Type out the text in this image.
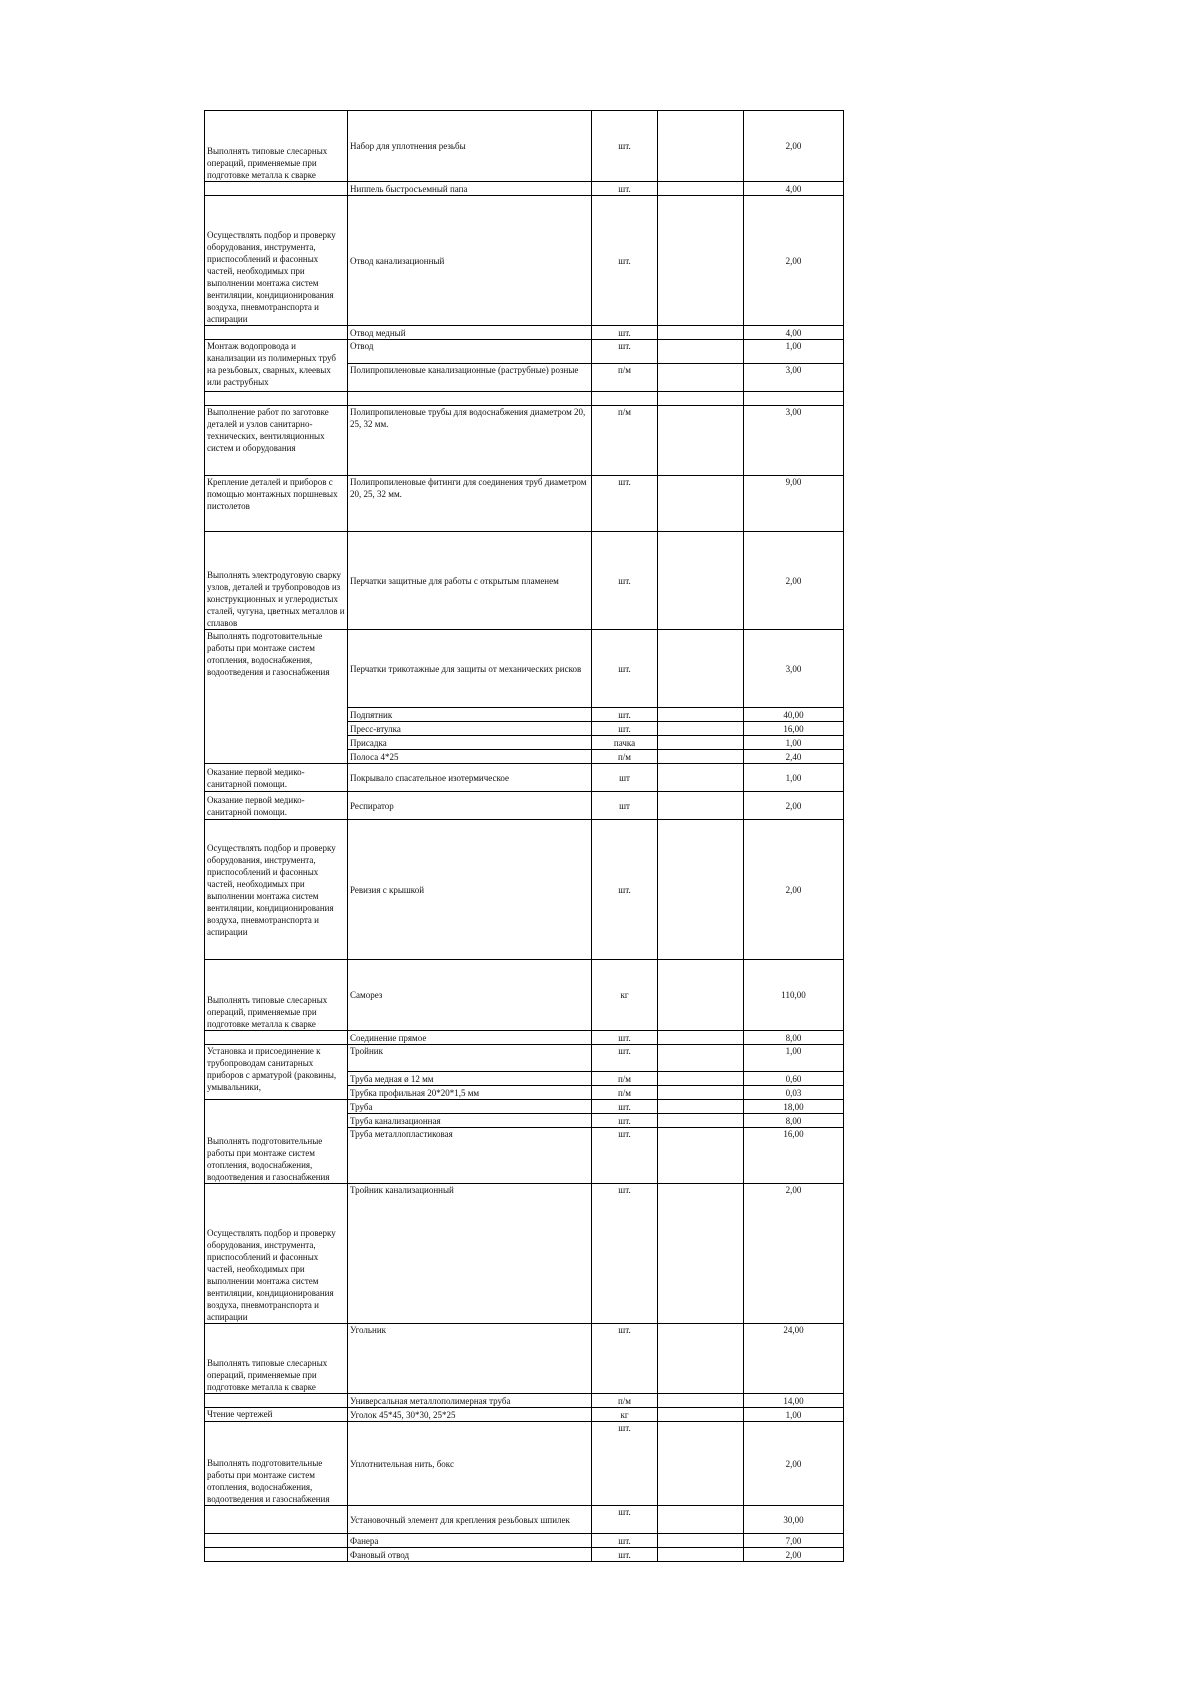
Выполнять типовые слесарных операций, применяемые при подготовке металла к сварке	Набор для уплотнения резьбы	шт.		2,00
	Ниппель быстросъемный папа	шт.		4,00
Осуществлять подбор и проверку оборудования, инструмента, приспособлений и фасонных частей, необходимых при выполнении монтажа систем вентиляции, кондиционирования воздуха, пневмотранспорта и аспирации	Отвод канализационный	шт.		2,00
	Отвод медный	шт.		4,00
Монтаж водопровода и канализации из полимерных труб на резьбовых, сварных, клеевых или раструбных	Отвод	шт.		1,00
	Полипропиленовые канализационные (раструбные) розные	п/м		3,00

Выполнение работ по заготовке деталей и узлов санитарно-технических, вентиляционных систем и оборудования	Полипропиленовые трубы для водоснабжения диаметром 20, 25, 32 мм.	п/м		3,00
Крепление деталей и приборов с помощью монтажных поршневых пистолетов	Полипропиленовые фитинги для соединения труб диаметром 20, 25, 32 мм.	шт.		9,00
Выполнять электродуговую сварку узлов, деталей и трубопроводов из конструкционных и углеродистых сталей, чугуна, цветных металлов и сплавов	Перчатки защитные для работы с открытым пламенем	шт.		2,00
Выполнять подготовительные работы при монтаже систем отопления, водоснабжения, водоотведения и газоснабжения	Перчатки трикотажные для защиты от механических рисков	шт.		3,00
	Подпятник	шт.		40,00
	Пресс-втулка	шт.		16,00
	Присадка	пачка		1,00
	Полоса 4*25	п/м		2,40
Оказание первой медико-санитарной помощи.	Покрывало спасательное изотермическое	шт		1,00
Оказание первой медико-санитарной помощи.	Респиратор	шт		2,00
Осуществлять подбор и проверку оборудования, инструмента, приспособлений и фасонных частей, необходимых при выполнении монтажа систем вентиляции, кондиционирования воздуха, пневмотранспорта и аспирации	Ревизия с крышкой	шт.		2,00
Выполнять типовые слесарных операций, применяемые при подготовке металла к сварке	Саморез	кг		110,00
	Соединение прямое	шт.		8,00
Установка и присоединение к трубопроводам санитарных приборов с арматурой (раковины, умывальники,	Тройник	шт.		1,00
	Труба медная ø 12 мм	п/м		0,60
	Трубка профильная 20*20*1,5 мм	п/м		0,03
Выполнять подготовительные работы при монтаже систем отопления, водоснабжения, водоотведения и газоснабжения	Труба	шт.		18,00
	Труба канализационная	шт.		8,00
	Труба металлопластиковая	шт.		16,00
Осуществлять подбор и проверку оборудования, инструмента, приспособлений и фасонных частей, необходимых при выполнении монтажа систем вентиляции, кондиционирования воздуха, пневмотранспорта и аспирации	Тройник канализационный	шт.		2,00
Выполнять типовые слесарных операций, применяемые при подготовке металла к сварке	Угольник	шт.		24,00
	Универсальная металлополимерная труба	п/м		14,00
Чтение чертежей	Уголок 45*45, 30*30, 25*25	кг		1,00
Выполнять подготовительные работы при монтаже систем отопления, водоснабжения, водоотведения и газоснабжения	Уплотнительная нить, бокс	шт.		2,00
	Установочный элемент для крепления резьбовых шпилек	шт.		30,00
	Фанера	шт.		7,00
	Фановый отвод	шт.		2,00
